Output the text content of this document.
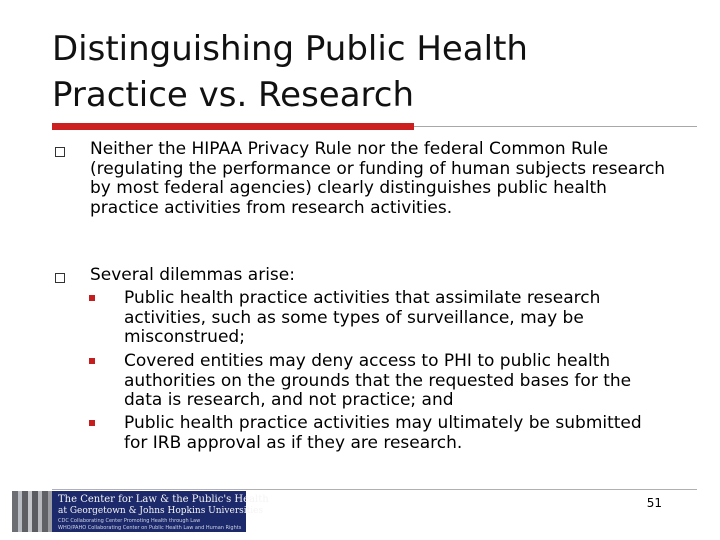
Distinguishing Public Health
Practice vs. Research
Neither the HIPAA Privacy Rule nor the federal Common Rule (regulating the performance or funding of human subjects research by most federal agencies) clearly distinguishes public health practice activities from research activities.
Several dilemmas arise:
Public health practice activities that assimilate research activities, such as some types of surveillance, may be misconstrued;
Covered entities may deny access to PHI to public health authorities on the grounds that the requested bases for the data is research, and not practice; and
Public health practice activities may ultimately be submitted for IRB approval as if they are research.
The Center for Law & the Public's Health
at Georgetown & Johns Hopkins Universities
CDC Collaborating Center Promoting Health through Law
WHO/PAHO Collaborating Center on Public Health Law and Human Rights
51
